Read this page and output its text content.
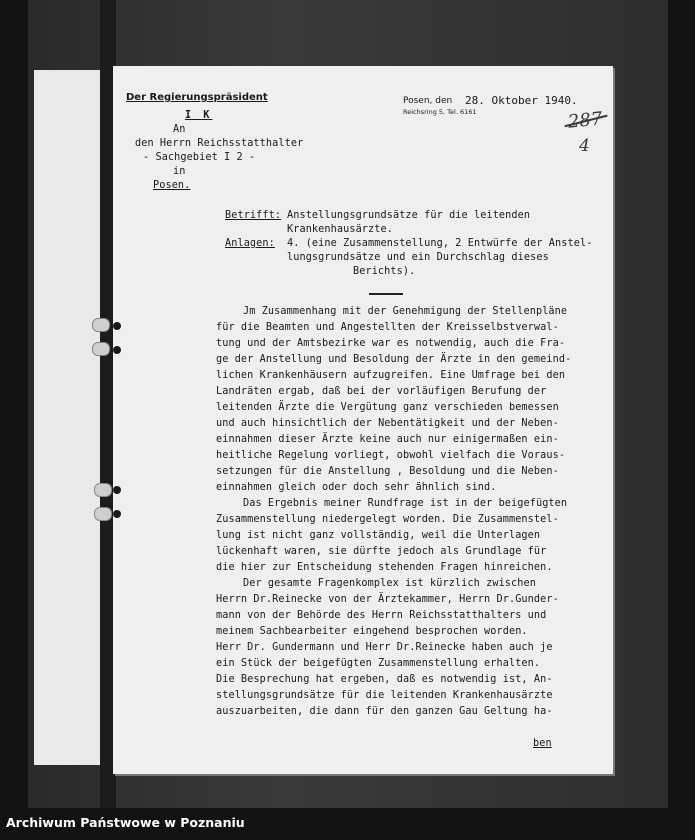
Der Regierungspräsident	Posen, den 28. Oktober 1940.
Reichsring 5, Tel. 6161	287
4
I K
An
den Herrn Reichsstatthalter
- Sachgebiet I 2 -
in
Posen.
Betrifft: Anstellungsgrundsätze für die leitenden
Krankenhausärzte.
Anlagen: 4. (eine Zusammenstellung, 2 Entwürfe der Anstel-
lungsgrundsätze und ein Durchschlag dieses
Berichts).
Jm Zusammenhang mit der Genehmigung der Stellenpläne
für die Beamten und Angestellten der Kreisselbstverwal-
tung und der Amtsbezirke war es notwendig, auch die Fra-
ge der Anstellung und Besoldung der Ärzte in den gemeind-
lichen Krankenhäusern aufzugreifen. Eine Umfrage bei den
Landräten ergab, daß bei der vorläufigen Berufung der
leitenden Ärzte die Vergütung ganz verschieden bemessen
und auch hinsichtlich der Nebentätigkeit und der Neben-
einnahmen dieser Ärzte keine auch nur einigermaßen ein-
heitliche Regelung vorliegt, obwohl vielfach die Voraus-
setzungen für die Anstellung , Besoldung und die Neben-
einnahmen gleich oder doch sehr ähnlich sind.
Das Ergebnis meiner Rundfrage ist in der beigefügten
Zusammenstellung niedergelegt worden. Die Zusammenstel-
lung ist nicht ganz vollständig, weil die Unterlagen
lückenhaft waren, sie dürfte jedoch als Grundlage für
die hier zur Entscheidung stehenden Fragen hinreichen.
Der gesamte Fragenkomplex ist kürzlich zwischen
Herrn Dr.Reinecke von der Ärztekammer, Herrn Dr.Gunder-
mann von der Behörde des Herrn Reichsstatthalters und
meinem Sachbearbeiter eingehend besprochen worden.
Herr Dr. Gundermann und Herr Dr.Reinecke haben auch je
ein Stück der beigefügten Zusammenstellung erhalten.
Die Besprechung hat ergeben, daß es notwendig ist, An-
stellungsgrundsätze für die leitenden Krankenhausärzte
auszuarbeiten, die dann für den ganzen Gau Geltung ha-
ben
Archiwum Państwowe w Poznaniu
